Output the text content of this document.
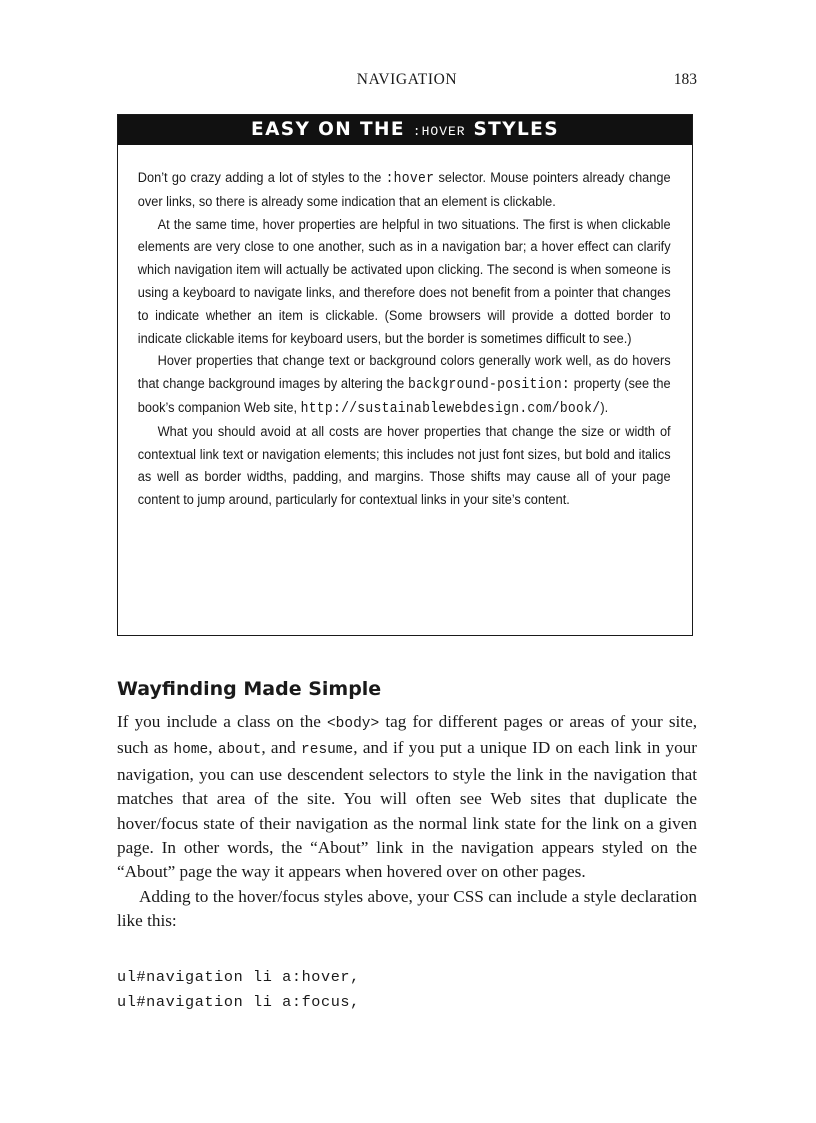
NAVIGATION	183
EASY ON THE :HOVER STYLES

Don’t go crazy adding a lot of styles to the :hover selector. Mouse pointers already change over links, so there is already some indication that an element is clickable.

At the same time, hover properties are helpful in two situations. The first is when clickable elements are very close to one another, such as in a navigation bar; a hover effect can clarify which navigation item will actually be activated upon clicking. The second is when someone is using a keyboard to navigate links, and therefore does not benefit from a pointer that changes to indicate whether an item is clickable. (Some browsers will provide a dotted border to indicate clickable items for keyboard users, but the border is sometimes difficult to see.)

Hover properties that change text or background colors generally work well, as do hovers that change background images by altering the background-position: property (see the book’s companion Web site, http://sustainablewebdesign.com/book/).

What you should avoid at all costs are hover properties that change the size or width of contextual link text or navigation elements; this includes not just font sizes, but bold and italics as well as border widths, padding, and margins. Those shifts may cause all of your page content to jump around, particularly for contextual links in your site’s content.

Wayfinding Made Simple

If you include a class on the <body> tag for different pages or areas of your site, such as home, about, and resume, and if you put a unique ID on each link in your navigation, you can use descendent selectors to style the link in the navigation that matches that area of the site. You will often see Web sites that duplicate the hover/focus state of their navigation as the normal link state for the link on a given page. In other words, the “About” link in the navigation appears styled on the “About” page the way it appears when hovered over on other pages.

Adding to the hover/focus styles above, your CSS can include a style declaration like this:

ul#navigation li a:hover,
ul#navigation li a:focus,
